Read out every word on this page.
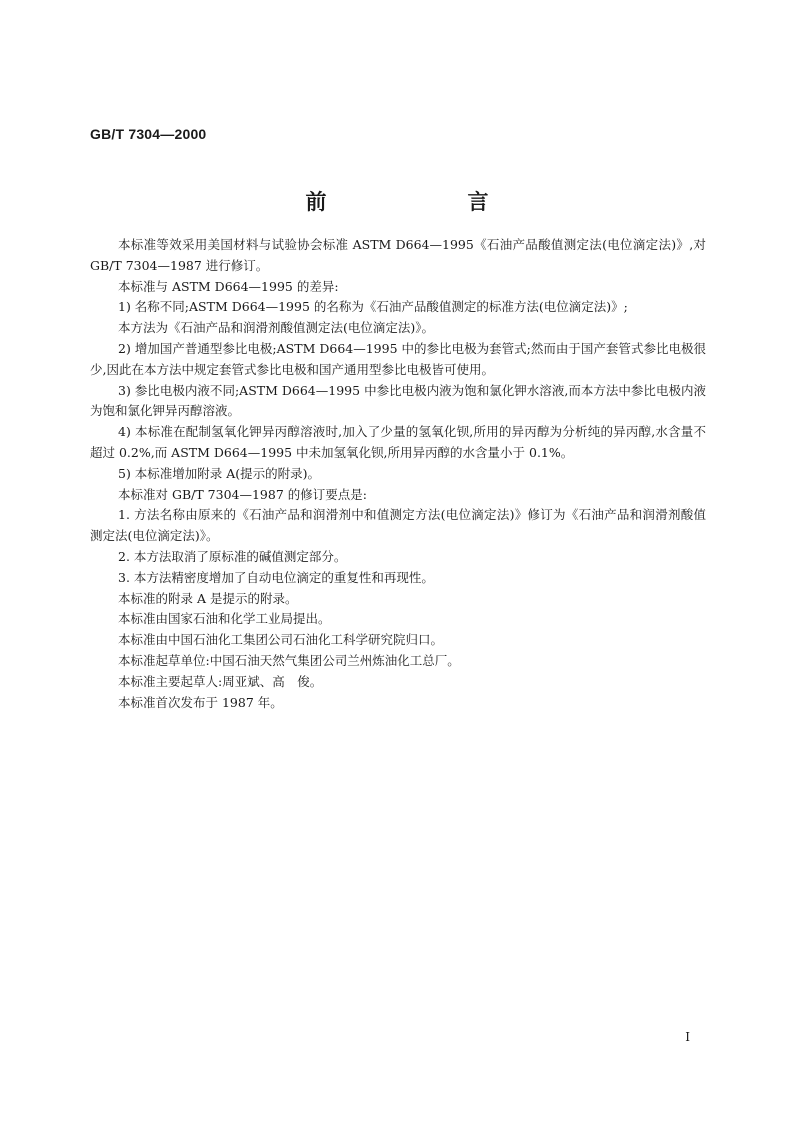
GB/T 7304—2000
前　言

本标准等效采用美国材料与试验协会标准 ASTM D664—1995《石油产品酸值测定法(电位滴定法)》,对 GB/T 7304—1987 进行修订。

本标准与 ASTM D664—1995 的差异:

1) 名称不同;ASTM D664—1995 的名称为《石油产品酸值测定的标准方法(电位滴定法)》;

本方法为《石油产品和润滑剂酸值测定法(电位滴定法)》。

2) 增加国产普通型参比电极;ASTM D664—1995 中的参比电极为套管式;然而由于国产套管式参比电极很少,因此在本方法中规定套管式参比电极和国产通用型参比电极皆可使用。

3) 参比电极内液不同;ASTM D664—1995 中参比电极内液为饱和氯化钾水溶液,而本方法中参比电极内液为饱和氯化钾异丙醇溶液。

4) 本标准在配制氢氧化钾异丙醇溶液时,加入了少量的氢氧化钡,所用的异丙醇为分析纯的异丙醇,水含量不超过 0.2%,而 ASTM D664—1995 中未加氢氧化钡,所用异丙醇的水含量小于 0.1%。

5) 本标准增加附录 A(提示的附录)。

本标准对 GB/T 7304—1987 的修订要点是:

1. 方法名称由原来的《石油产品和润滑剂中和值测定方法(电位滴定法)》修订为《石油产品和润滑剂酸值测定法(电位滴定法)》。

2. 本方法取消了原标准的碱值测定部分。

3. 本方法精密度增加了自动电位滴定的重复性和再现性。

本标准的附录 A 是提示的附录。

本标准由国家石油和化学工业局提出。

本标准由中国石油化工集团公司石油化工科学研究院归口。

本标准起草单位:中国石油天然气集团公司兰州炼油化工总厂。

本标准主要起草人:周亚斌、高　俊。

本标准首次发布于 1987 年。

I
